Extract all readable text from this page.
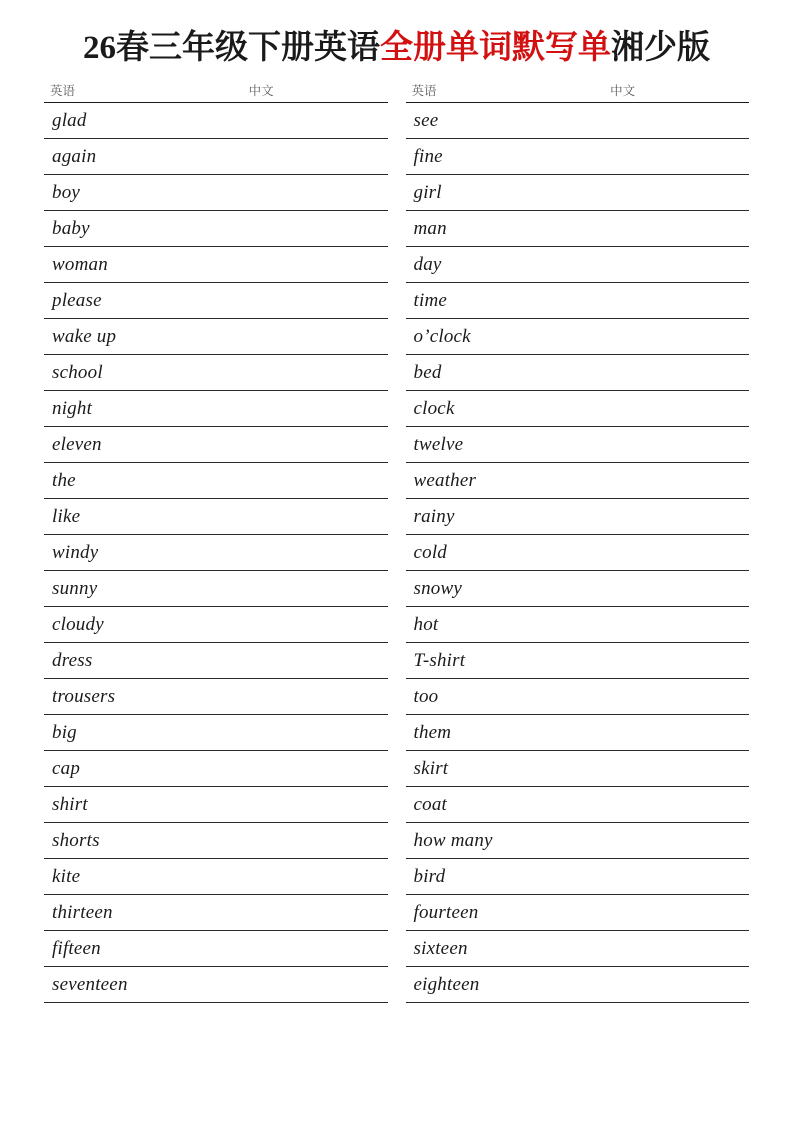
26春三年级下册英语全册单词默写单湘少版
英语	中文
glad	

again	

boy	

baby	

woman	

please	

wake up	

school	

night	

eleven	

the	

like	

windy	

sunny	

cloudy	

dress	

trousers	

big	

cap	

shirt	

shorts	

kite	

thirteen	

fifteen	

seventeen	
英语	中文
see	

fine	

girl	

man	

day	

time	

o’clock	

bed	

clock	

twelve	

weather	

rainy	

cold	

snowy	

hot	

T-shirt	

too	

them	

skirt	

coat	

how many	

bird	

fourteen	

sixteen	

eighteen	
